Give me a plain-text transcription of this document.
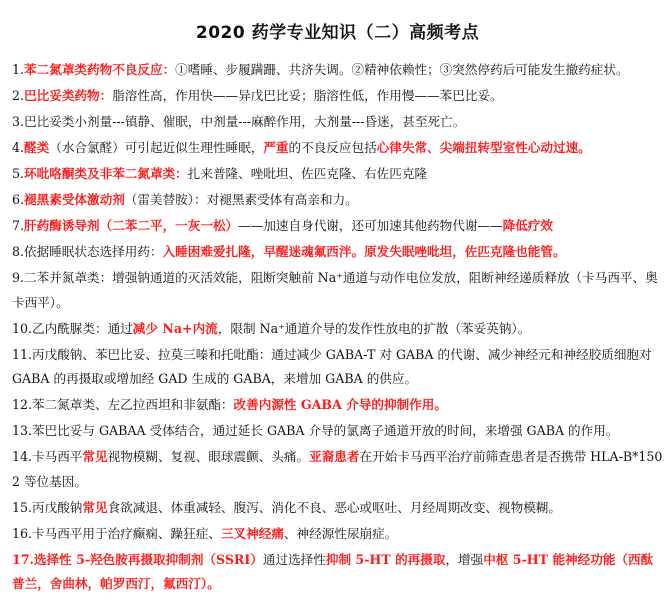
2020 药学专业知识（二）高频考点

1.苯二氮䓬类药物不良反应：①嗜睡、步履蹒跚、共济失调。②精神依赖性；③突然停药后可能发生撤药症状。

2.巴比妥类药物：脂溶性高，作用快——异戊巴比妥；脂溶性低，作用慢——苯巴比妥。

3.巴比妥类小剂量---镇静、催眠，中剂量---麻醉作用，大剂量---昏迷，甚至死亡。

4.醛类（水合氯醛）可引起近似生理性睡眠，严重的不良反应包括心律失常、尖端扭转型室性心动过速。

5.环吡咯酮类及非苯二氮䓬类：扎来普隆、唑吡坦、佐匹克隆、右佐匹克隆

6.褪黑素受体激动剂（雷美替胺）：对褪黑素受体有高亲和力。

7.肝药酶诱导剂（二苯二平，一灰一松）——加速自身代谢，还可加速其他药物代谢——降低疗效

8.依据睡眠状态选择用药：入睡困难爱扎隆，早醒迷魂氟西泮。原发失眠唑吡坦，佐匹克隆也能管。

9.二苯并氮䓬类：增强钠通道的灭活效能，阻断突触前 Na⁺通道与动作电位发放，阻断神经递质释放（卡马西平、奥卡西平）。

10.乙内酰脲类：通过减少 Na+内流，限制 Na⁺通道介导的发作性放电的扩散（苯妥英钠）。

11.丙戊酸钠、苯巴比妥、拉莫三嗪和托吡酯：通过减少 GABA-T 对 GABA 的代谢、减少神经元和神经胶质细胞对 GABA 的再摄取或增加经 GAD 生成的 GABA，来增加 GABA 的供应。

12.苯二氮䓬类、左乙拉西坦和非氨酯：改善内源性 GABA 介导的抑制作用。

13.苯巴比妥与 GABAA 受体结合，通过延长 GABA 介导的氯离子通道开放的时间，来增强 GABA 的作用。

14.卡马西平常见视物模糊、复视、眼球震颤、头痛。亚裔患者在开始卡马西平治疗前筛查患者是否携带 HLA-B*1502 等位基因。

15.丙戊酸钠常见食欲减退、体重减轻、腹泻、消化不良、恶心或呕吐、月经周期改变、视物模糊。

16.卡马西平用于治疗癫痫、躁狂症、三叉神经痛、神经源性尿崩症。

17.选择性 5-羟色胺再摄取抑制剂（SSRI）通过选择性抑制 5-HT 的再摄取，增强中枢 5-HT 能神经功能（西酞普兰，舍曲林，帕罗西汀，氟西汀）。
